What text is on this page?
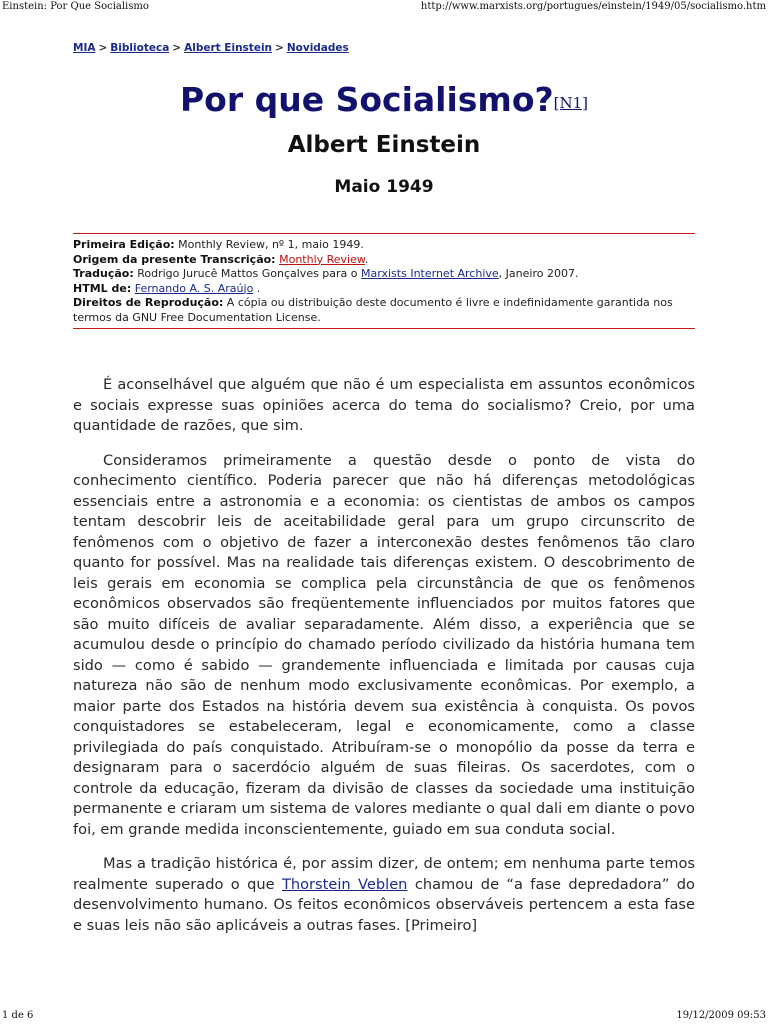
Einstein: Por Que Socialismo	http://www.marxists.org/portugues/einstein/1949/05/socialismo.htm
MIA > Biblioteca > Albert Einstein > Novidades
Por que Socialismo?[N1]
Albert Einstein
Maio 1949
Primeira Edição: Monthly Review, nº 1, maio 1949.
Origem da presente Transcrição: Monthly Review.
Tradução: Rodrigo Jurucê Mattos Gonçalves para o Marxists Internet Archive, Janeiro 2007.
HTML de: Fernando A. S. Araújo .
Direitos de Reprodução: A cópia ou distribuição deste documento é livre e indefinidamente garantida nos termos da GNU Free Documentation License.

É aconselhável que alguém que não é um especialista em assuntos econômicos e sociais expresse suas opiniões acerca do tema do socialismo? Creio, por uma quantidade de razões, que sim.

Consideramos primeiramente a questão desde o ponto de vista do conhecimento científico. Poderia parecer que não há diferenças metodológicas essenciais entre a astronomia e a economia: os cientistas de ambos os campos tentam descobrir leis de aceitabilidade geral para um grupo circunscrito de fenômenos com o objetivo de fazer a interconexão destes fenômenos tão claro quanto for possível. Mas na realidade tais diferenças existem. O descobrimento de leis gerais em economia se complica pela circunstância de que os fenômenos econômicos observados são freqüentemente influenciados por muitos fatores que são muito difíceis de avaliar separadamente. Além disso, a experiência que se acumulou desde o princípio do chamado período civilizado da história humana tem sido — como é sabido — grandemente influenciada e limitada por causas cuja natureza não são de nenhum modo exclusivamente econômicas. Por exemplo, a maior parte dos Estados na história devem sua existência à conquista. Os povos conquistadores se estabeleceram, legal e economicamente, como a classe privilegiada do país conquistado. Atribuíram-se o monopólio da posse da terra e designaram para o sacerdócio alguém de suas fileiras. Os sacerdotes, com o controle da educação, fizeram da divisão de classes da sociedade uma instituição permanente e criaram um sistema de valores mediante o qual dali em diante o povo foi, em grande medida inconscientemente, guiado em sua conduta social.

Mas a tradição histórica é, por assim dizer, de ontem; em nenhuma parte temos realmente superado o que Thorstein Veblen chamou de “a fase depredadora” do desenvolvimento humano. Os feitos econômicos observáveis pertencem a esta fase e suas leis não são aplicáveis a outras fases. [Primeiro]

1 de 6	19/12/2009 09:53
